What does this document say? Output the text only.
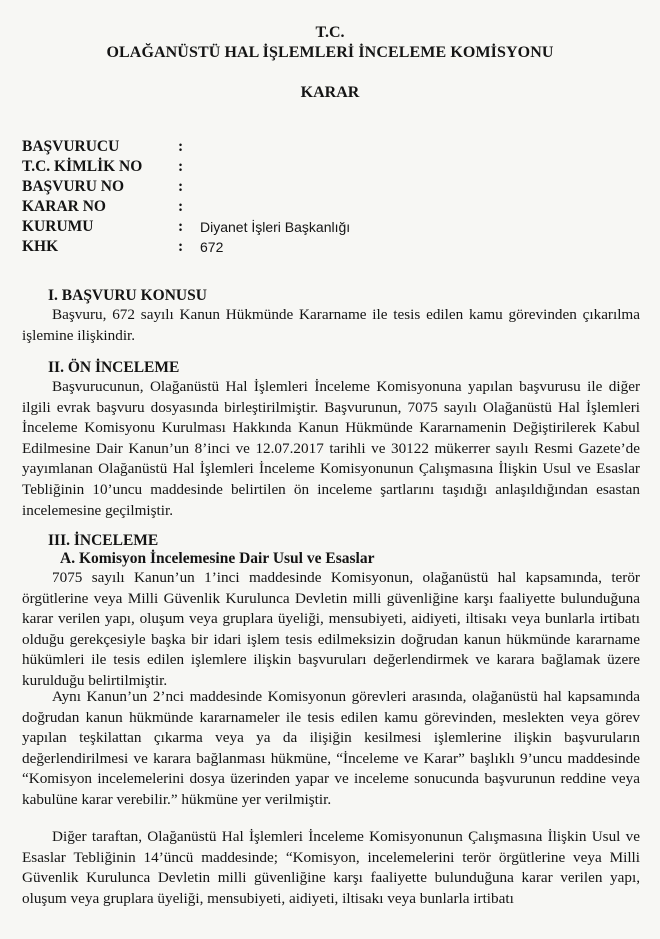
T.C.
OLAĞANÜSTÜ HAL İŞLEMLERİ İNCELEME KOMİSYONU
KARAR
BAŞVURUCU	:
T.C. KİMLİK NO :
BAŞVURU NO	:
KARAR NO	:
KURUMU	: Diyanet İşleri Başkanlığı
KHK	: 672
I. BAŞVURU KONUSU

Başvuru, 672 sayılı Kanun Hükmünde Kararname ile tesis edilen kamu görevinden çıkarılma işlemine ilişkindir.

II. ÖN İNCELEME

Başvurucunun, Olağanüstü Hal İşlemleri İnceleme Komisyonuna yapılan başvurusu ile diğer ilgili evrak başvuru dosyasında birleştirilmiştir. Başvurunun, 7075 sayılı Olağanüstü Hal İşlemleri İnceleme Komisyonu Kurulması Hakkında Kanun Hükmünde Kararnamenin Değiştirilerek Kabul Edilmesine Dair Kanun’un 8’inci ve 12.07.2017 tarihli ve 30122 mükerrer sayılı Resmi Gazete’de yayımlanan Olağanüstü Hal İşlemleri İnceleme Komisyonunun Çalışmasına İlişkin Usul ve Esaslar Tebliğinin 10’uncu maddesinde belirtilen ön inceleme şartlarını taşıdığı anlaşıldığından esastan incelemesine geçilmiştir.

III. İNCELEME
A. Komisyon İncelemesine Dair Usul ve Esaslar

7075 sayılı Kanun’un 1’inci maddesinde Komisyonun, olağanüstü hal kapsamında, terör örgütlerine veya Milli Güvenlik Kurulunca Devletin milli güvenliğine karşı faaliyette bulunduğuna karar verilen yapı, oluşum veya gruplara üyeliği, mensubiyeti, aidiyeti, iltisakı veya bunlarla irtibatı olduğu gerekçesiyle başka bir idari işlem tesis edilmeksizin doğrudan kanun hükmünde kararname hükümleri ile tesis edilen işlemlere ilişkin başvuruları değerlendirmek ve karara bağlamak üzere kurulduğu belirtilmiştir.

Aynı Kanun’un 2’nci maddesinde Komisyonun görevleri arasında, olağanüstü hal kapsamında doğrudan kanun hükmünde kararnameler ile tesis edilen kamu görevinden, meslekten veya görev yapılan teşkilattan çıkarma veya ya da ilişiğin kesilmesi işlemlerine ilişkin başvuruların değerlendirilmesi ve karara bağlanması hükmüne, “İnceleme ve Karar” başlıklı 9’uncu maddesinde “Komisyon incelemelerini dosya üzerinden yapar ve inceleme sonucunda başvurunun reddine veya kabulüne karar verebilir.” hükmüne yer verilmiştir.

Diğer taraftan, Olağanüstü Hal İşlemleri İnceleme Komisyonunun Çalışmasına İlişkin Usul ve Esaslar Tebliğinin 14’üncü maddesinde; “Komisyon, incelemelerini terör örgütlerine veya Milli Güvenlik Kurulunca Devletin milli güvenliğine karşı faaliyette bulunduğuna karar verilen yapı, oluşum veya gruplara üyeliği, mensubiyeti, aidiyeti, iltisakı veya bunlarla irtibatı
